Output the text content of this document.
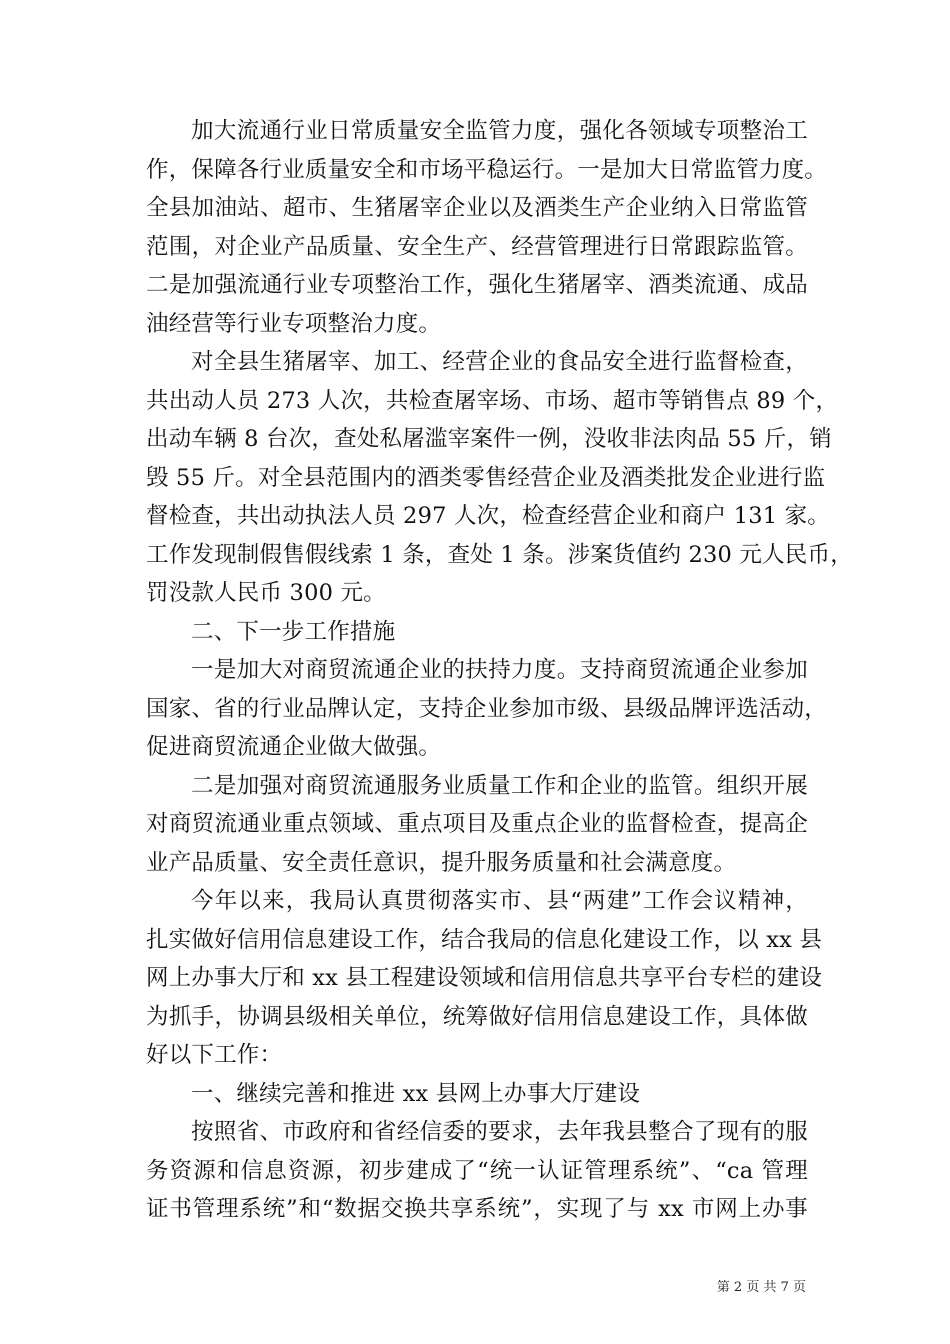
加大流通行业日常质量安全监管力度，强化各领域专项整治工
作，保障各行业质量安全和市场平稳运行。一是加大日常监管力度。
全县加油站、超市、生猪屠宰企业以及酒类生产企业纳入日常监管
范围，对企业产品质量、安全生产、经营管理进行日常跟踪监管。
二是加强流通行业专项整治工作，强化生猪屠宰、酒类流通、成品
油经营等行业专项整治力度。

对全县生猪屠宰、加工、经营企业的食品安全进行监督检查，
共出动人员 273 人次，共检查屠宰场、市场、超市等销售点 89 个，
出动车辆 8 台次，查处私屠滥宰案件一例，没收非法肉品 55 斤，销
毁 55 斤。对全县范围内的酒类零售经营企业及酒类批发企业进行监
督检查，共出动执法人员 297 人次，检查经营企业和商户 131 家。
工作发现制假售假线索 1 条，查处 1 条。涉案货值约 230 元人民币，
罚没款人民币 300 元。

二、下一步工作措施

一是加大对商贸流通企业的扶持力度。支持商贸流通企业参加
国家、省的行业品牌认定，支持企业参加市级、县级品牌评选活动，
促进商贸流通企业做大做强。

二是加强对商贸流通服务业质量工作和企业的监管。组织开展
对商贸流通业重点领域、重点项目及重点企业的监督检查，提高企
业产品质量、安全责任意识，提升服务质量和社会满意度。

今年以来，我局认真贯彻落实市、县“两建”工作会议精神，
扎实做好信用信息建设工作，结合我局的信息化建设工作，以 xx 县
网上办事大厅和 xx 县工程建设领域和信用信息共享平台专栏的建设
为抓手，协调县级相关单位，统筹做好信用信息建设工作，具体做
好以下工作：

一、继续完善和推进 xx 县网上办事大厅建设

按照省、市政府和省经信委的要求，去年我县整合了现有的服
务资源和信息资源，初步建成了“统一认证管理系统”、“ca 管理
证书管理系统”和“数据交换共享系统”，实现了与 xx 市网上办事

第 2 页 共 7 页
